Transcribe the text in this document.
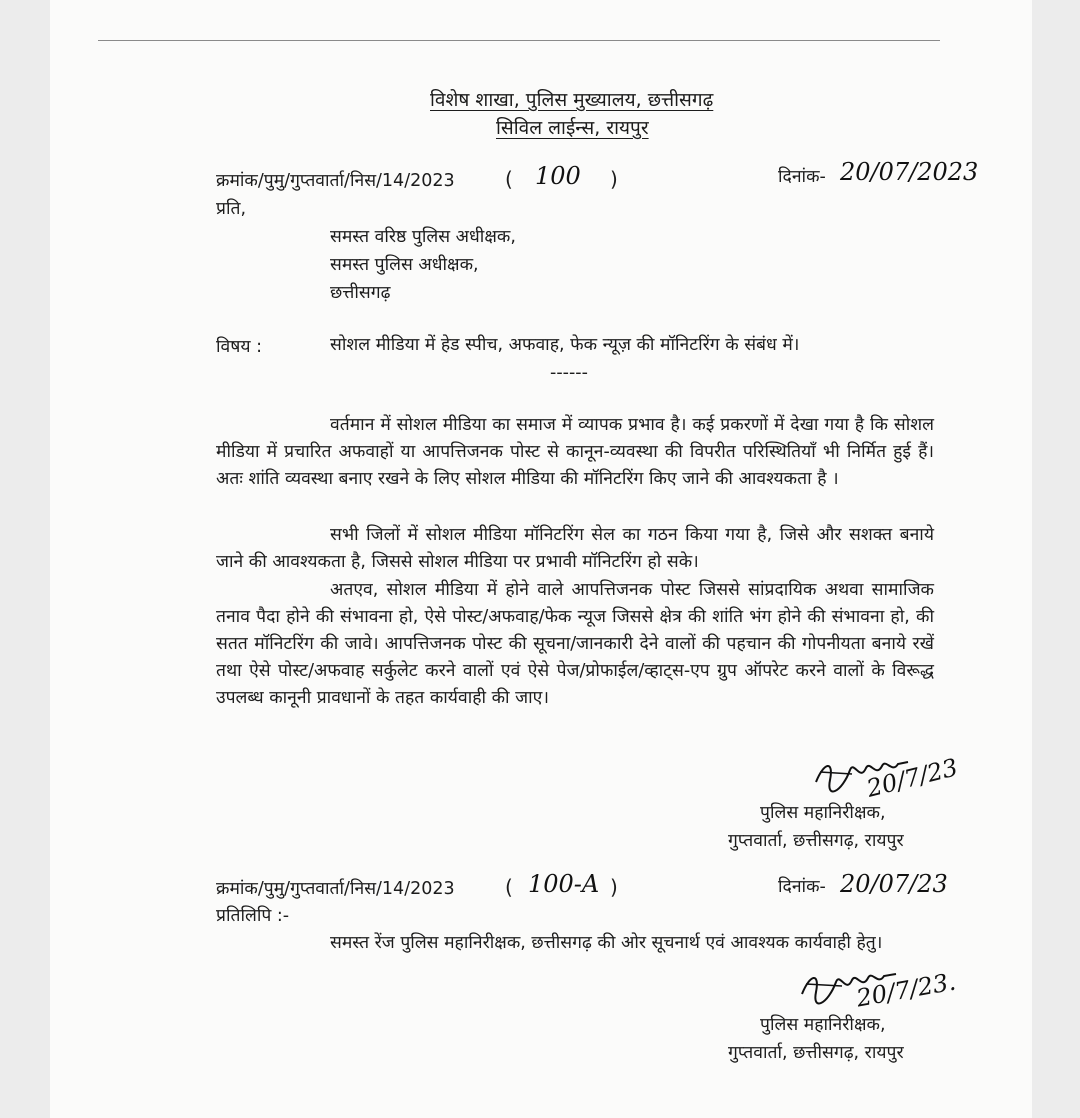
विशेष शाखा, पुलिस मुख्यालय, छत्तीसगढ़
सिविल लाईन्स, रायपुर
क्रमांक/पुमु/गुप्तवार्ता/निस/14/2023	( 100 )	दिनांक- 20/07/2023
प्रति,
समस्त वरिष्ठ पुलिस अधीक्षक,
समस्त पुलिस अधीक्षक,
छत्तीसगढ़
विषय :	सोशल मीडिया में हेड स्पीच, अफवाह, फेक न्यूज़ की मॉनिटरिंग के संबंध में।
------

वर्तमान में सोशल मीडिया का समाज में व्यापक प्रभाव है। कई प्रकरणों में देखा गया है कि सोशल मीडिया में प्रचारित अफवाहों या आपत्तिजनक पोस्ट से कानून-व्यवस्था की विपरीत परिस्थितियॉं भी निर्मित हुई हैं। अतः शांति व्यवस्था बनाए रखने के लिए सोशल मीडिया की मॉनिटरिंग किए जाने की आवश्यकता है ।

सभी जिलों में सोशल मीडिया मॉनिटरिंग सेल का गठन किया गया है, जिसे और सशक्त बनाये जाने की आवश्यकता है, जिससे सोशल मीडिया पर प्रभावी मॉनिटरिंग हो सके।

अतएव, सोशल मीडिया में होने वाले आपत्तिजनक पोस्ट जिससे सांप्रदायिक अथवा सामाजिक तनाव पैदा होने की संभावना हो, ऐसे पोस्ट/अफवाह/फेक न्यूज जिससे क्षेत्र की शांति भंग होने की संभावना हो, की सतत मॉनिटरिंग की जावे। आपत्तिजनक पोस्ट की सूचना/जानकारी देने वालों की पहचान की गोपनीयता बनाये रखें तथा ऐसे पोस्ट/अफवाह सर्कुलेट करने वालों एवं ऐसे पेज/प्रोफाईल/व्हाट्स-एप ग्रुप ऑपरेट करने वालों के विरूद्ध उपलब्ध कानूनी प्रावधानों के तहत कार्यवाही की जाए।

20/7/23
पुलिस महानिरीक्षक,
गुप्तवार्ता, छत्तीसगढ़, रायपुर
क्रमांक/पुमु/गुप्तवार्ता/निस/14/2023	( 100-A )	दिनांक- 20/07/23
प्रतिलिपि :-

समस्त रेंज पुलिस महानिरीक्षक, छत्तीसगढ़ की ओर सूचनार्थ एवं आवश्यक कार्यवाही हेतु।

20/7/23.
पुलिस महानिरीक्षक,
गुप्तवार्ता, छत्तीसगढ़, रायपुर
